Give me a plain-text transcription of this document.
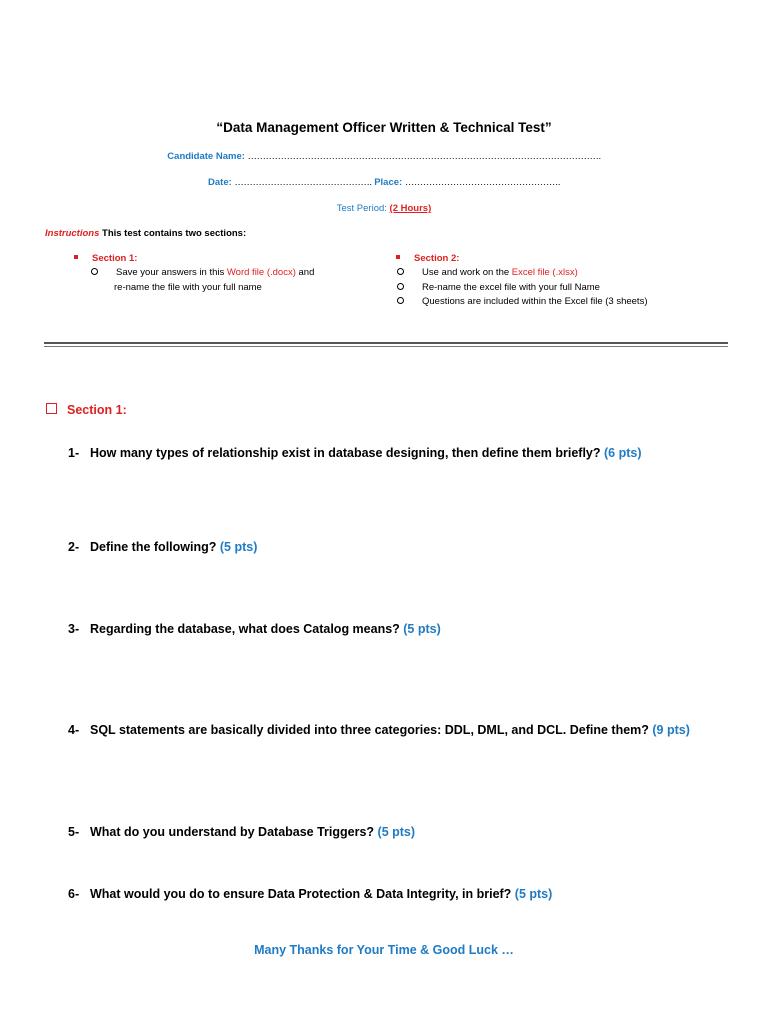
“Data Management Officer Written & Technical Test”
Candidate Name: ……………………………………………………………………………………………………….
Date: ………………………………………. Place: …………………………………………….
Test Period: (2 Hours)
Instructions This test contains two sections:
Section 1:
Save your answers in this Word file (.docx) and
re-name the file with your full name
Section 2:
Use and work on the Excel file (.xlsx)
Re-name the excel file with your full Name
Questions are included within the Excel file (3 sheets)
Section 1:
1- How many types of relationship exist in database designing, then define them briefly? (6 pts)
2- Define the following? (5 pts)
3- Regarding the database, what does Catalog means? (5 pts)
4- SQL statements are basically divided into three categories: DDL, DML, and DCL. Define them? (9 pts)
5- What do you understand by Database Triggers? (5 pts)
6- What would you do to ensure Data Protection & Data Integrity, in brief? (5 pts)
Many Thanks for Your Time & Good Luck …
